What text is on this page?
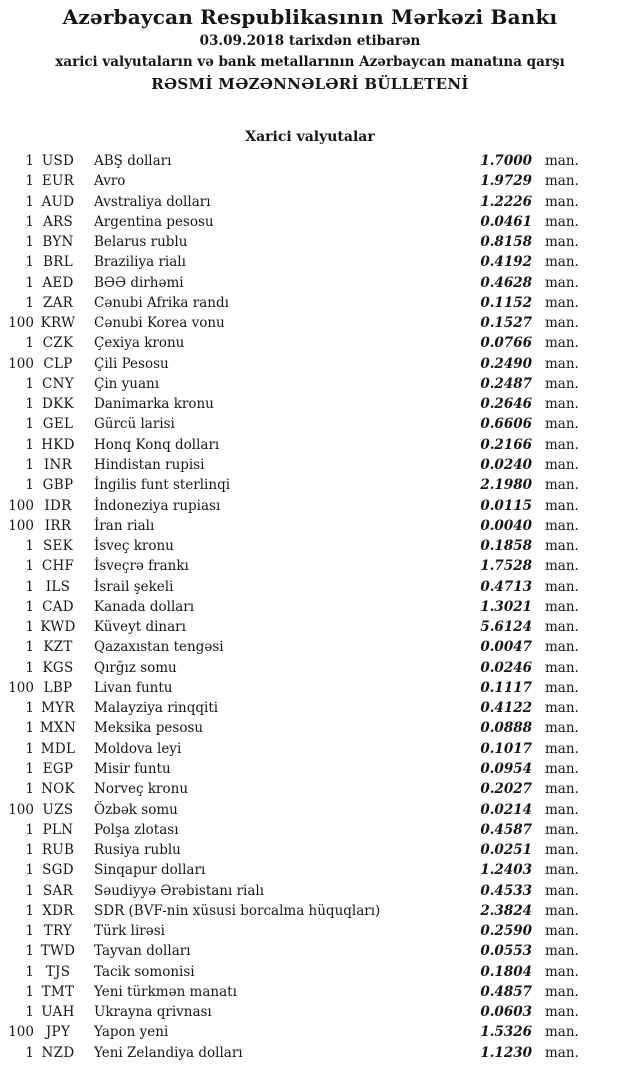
Azərbaycan Respublikasının Mərkəzi Bankı
03.09.2018 tarixdən etibarən
xarici valyutaların və bank metallarının Azərbaycan manatına qarşı
RƏSMİ MƏZƏNNƏLƏRİ BÜLLETENİ
Xarici valyutalar
1 USD	ABŞ dolları	1.7000 man.
1 EUR	Avro	1.9729 man.
1 AUD	Avstraliya dolları	1.2226 man.
1 ARS	Argentina pesosu	0.0461 man.
1 BYN	Belarus rublu	0.8158 man.
1 BRL	Braziliya rialı	0.4192 man.
1 AED	BƏƏ dirhəmi	0.4628 man.
1 ZAR	Cənubi Afrika randı	0.1152 man.
100 KRW	Cənubi Korea vonu	0.1527 man.
1 CZK	Çexiya kronu	0.0766 man.
100 CLP	Çili Pesosu	0.2490 man.
1 CNY	Çin yuanı	0.2487 man.
1 DKK	Danimarka kronu	0.2646 man.
1 GEL	Gürcü larisi	0.6606 man.
1 HKD	Honq Konq dolları	0.2166 man.
1 INR	Hindistan rupisi	0.0240 man.
1 GBP	İngilis funt sterlinqi	2.1980 man.
100 IDR	İndoneziya rupiası	0.0115 man.
100 IRR	İran rialı	0.0040 man.
1 SEK	İsveç kronu	0.1858 man.
1 CHF	İsveçrə frankı	1.7528 man.
1 ILS	İsrail şekeli	0.4713 man.
1 CAD	Kanada dolları	1.3021 man.
1 KWD	Küveyt dinarı	5.6124 man.
1 KZT	Qazaxıstan tengəsi	0.0047 man.
1 KGS	Qırğız somu	0.0246 man.
100 LBP	Livan funtu	0.1117 man.
1 MYR	Malayziya rinqqiti	0.4122 man.
1 MXN	Meksika pesosu	0.0888 man.
1 MDL	Moldova leyi	0.1017 man.
1 EGP	Misir funtu	0.0954 man.
1 NOK	Norveç kronu	0.2027 man.
100 UZS	Özbək somu	0.0214 man.
1 PLN	Polşa zlotası	0.4587 man.
1 RUB	Rusiya rublu	0.0251 man.
1 SGD	Sinqapur dolları	1.2403 man.
1 SAR	Səudiyyə Ərəbistanı rialı	0.4533 man.
1 XDR	SDR (BVF-nin xüsusi borcalma hüquqları)	2.3824 man.
1 TRY	Türk lirəsi	0.2590 man.
1 TWD	Tayvan dolları	0.0553 man.
1 TJS	Tacik somonisi	0.1804 man.
1 TMT	Yeni türkmən manatı	0.4857 man.
1 UAH	Ukrayna qrivnası	0.0603 man.
100 JPY	Yapon yeni	1.5326 man.
1 NZD	Yeni Zelandiya dolları	1.1230 man.
